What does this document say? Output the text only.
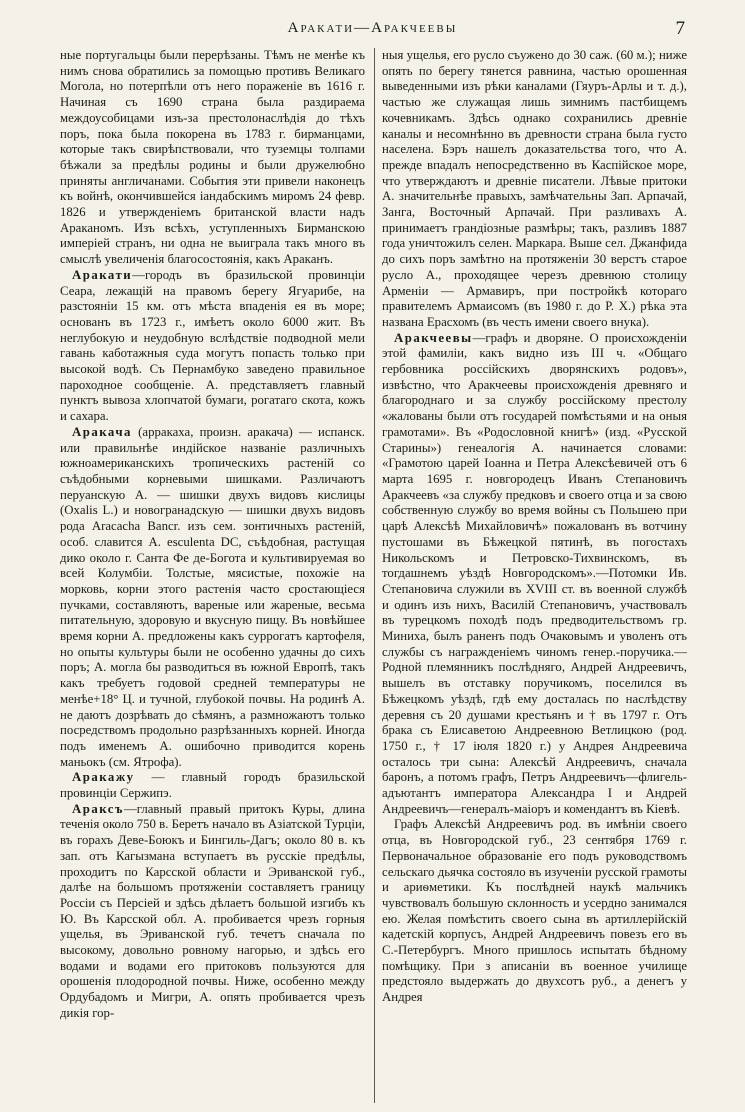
Аракати—Аракчеевы	7

ные португальцы были перерѣзаны. Тѣмъ не менѣе къ нимъ снова обратились за помощью противъ Великаго Могола, но потерпѣли отъ него пораженіе въ 1616 г. Начиная съ 1690 страна была раздираема междоусобицами изъ-за престолонаслѣдія до тѣхъ поръ, пока была покорена въ 1783 г. бирманцами, которые такъ свирѣпствовали, что туземцы толпами бѣжали за предѣлы родины и были дружелюбно приняты англичанами. События эти привели наконецъ къ войнѣ, окончившейся іандабскимъ миромъ 24 февр. 1826 и утвержденіемъ британской власти надъ Араканомъ. Изъ всѣхъ, уступленныхъ Бирманскою имперіей странъ, ни одна не выиграла такъ много въ смыслѣ увеличенія благосостоянія, какъ Араканъ.

Аракати—городъ въ бразильской провинціи Сеара, лежащій на правомъ берегу Ягуарибе, на разстояніи 15 км. отъ мѣста впаденія ея въ море; основанъ въ 1723 г., имѣетъ около 6000 жит. Въ неглубокую и неудобную вслѣдствіе подводной мели гавань каботажныя суда могутъ попасть только при высокой водѣ. Съ Пернамбуко заведено правильное пароходное сообщеніе. А. представляетъ главный пунктъ вывоза хлопчатой бумаги, рогатаго скота, кожъ и сахара.

Аракача (арракаха, произн. аракача) — испанск. или правильнѣе индійское названіе различныхъ южноамериканскихъ тропическихъ растеній со съѣдобными корневыми шишками. Различаютъ перуанскую А. — шишки двухъ видовъ кислицы (Oxalis L.) и новогранадскую — шишки двухъ видовъ рода Aracacha Bancr. изъ сем. зонтичныхъ растеній, особ. славится A. esculenta DC, съѣдобная, растущая дико около г. Санта Фе де-Богота и культивируемая во всей Колумбіи. Толстые, мясистые, похожіе на морковь, корни этого растенія часто сростающіеся пучками, составляютъ, вареные или жареные, весьма питательную, здоровую и вкусную пищу. Въ новѣйшее время корни А. предложены какъ суррогатъ картофеля, но опыты культуры были не особенно удачны до сихъ поръ; А. могла бы разводиться въ южной Европѣ, такъ какъ требуетъ годовой средней температуры не менѣе+18° Ц. и тучной, глубокой почвы. На родинѣ А. не даютъ дозрѣвать до сѣмянъ, а размножаютъ только посредствомъ продольно разрѣзанныхъ корней. Иногда подъ именемъ А. ошибочно приводится корень маньокъ (см. Ятрофа).

Аракажу — главный городъ бразильской провинціи Сержипэ.

Араксъ—главный правый притокъ Куры, длина теченія около 750 в. Беретъ начало въ Азіатской Турціи, въ горахъ Деве-Боюкъ и Бингиль-Дагъ; около 80 в. къ зап. отъ Кагызмана вступаетъ въ русскіе предѣлы, проходитъ по Карсской области и Эриванской губ., далѣе на большомъ протяженіи составляетъ границу Россіи съ Персіей и здѣсь дѣлаетъ большой изгибъ къ Ю. Въ Карсской обл. А. пробивается чрезъ горныя ущелья, въ Эриванской губ. течетъ сначала по высокому, довольно ровному нагорью, и здѣсь его водами и водами его притоковъ пользуются для орошенія плодородной почвы. Ниже, особенно между Ордубадомъ и Мигри, А. опять пробивается чрезъ дикія гор-

ныя ущелья, его русло съужено до 30 саж. (60 м.); ниже опять по берегу тянется равнина, частью орошенная выведенными изъ рѣки каналами (Гяуръ-Арлы и т. д.), частью же служащая лишь зимнимъ пастбищемъ кочевникамъ. Здѣсь однако сохранились древніе каналы и несомнѣнно въ древности страна была густо населена. Бэръ нашелъ доказательства того, что А. прежде впадалъ непосредственно въ Каспійское море, что утверждаютъ и древніе писатели. Лѣвые притоки А. значительнѣе правыхъ, замѣчательны Зап. Арпачай, Занга, Восточный Арпачай. При разливахъ А. принимаетъ грандіозные размѣры; такъ, разливъ 1887 года уничтожилъ селен. Маркара. Выше сел. Джанфида до сихъ поръ замѣтно на протяженіи 30 верстъ старое русло А., проходящее черезъ древнюю столицу Арменіи — Армавиръ, при постройкѣ котораго правителемъ Армаисомъ (въ 1980 г. до Р. Х.) рѣка эта названа Ерасхомъ (въ честь имени своего внука).

Аракчеевы—графъ и дворяне. О происхожденіи этой фамиліи, какъ видно изъ III ч. «Общаго гербовника россійскихъ дворянскихъ родовъ», извѣстно, что Аракчеевы происхожденія древняго и благороднаго и за службу россійскому престолу «жалованы были отъ государей помѣстьями и на оныя грамотами». Въ «Родословной книгѣ» (изд. «Русской Старины») генеалогія А. начинается словами: «Грамотою царей Іоанна и Петра Алексѣевичей отъ 6 марта 1695 г. новгородецъ Иванъ Степановичъ Аракчеевъ «за службу предковъ и своего отца и за свою собственную службу во время войны съ Польшею при царѣ Алексѣѣ Михайловичѣ» пожалованъ въ вотчину пустошами въ Бѣжецкой пятинѣ, въ погостахъ Никольскомъ и Петровско-Тихвинскомъ, въ тогдашнемъ уѣздѣ Новгородскомъ».—Потомки Ив. Степановича служили въ XVIII ст. въ военной службѣ и одинъ изъ нихъ, Василій Степановичъ, участвовалъ въ турецкомъ походѣ подъ предводительствомъ гр. Миниха, былъ раненъ подъ Очаковымъ и уволенъ отъ службы съ награжденіемъ чиномъ генер.-поручика.—Родной племянникъ послѣдняго, Андрей Андреевичъ, вышелъ въ отставку поручикомъ, поселился въ Бѣжецкомъ уѣздѣ, гдѣ ему досталась по наслѣдству деревня съ 20 душами крестьянъ и † въ 1797 г. Отъ брака съ Елисаветою Андреевною Ветлицкою (род. 1750 г., † 17 іюля 1820 г.) у Андрея Андреевича осталось три сына: Алексѣй Андреевичъ, сначала баронъ, а потомъ графъ, Петръ Андреевичъ—флигель-адъютантъ императора Александра I и Андрей Андреевичъ—генералъ-маіоръ и комендантъ въ Кіевѣ.

Графъ Алексѣй Андреевичъ род. въ имѣніи своего отца, въ Новгородской губ., 23 сентября 1769 г. Первоначальное образованіе его подъ руководствомъ сельскаго дьячка состояло въ изученіи русской грамоты и ариѳметики. Къ послѣдней наукѣ мальчикъ чувствовалъ большую склонность и усердно занимался ею. Желая помѣстить своего сына въ артиллерійскій кадетскій корпусъ, Андрей Андреевичъ повезъ его въ С.-Петербургъ. Много пришлось испытать бѣдному помѣщику. При з аписаніи въ военное училище предстояло выдержать до двухсотъ руб., а денегъ у Андрея
